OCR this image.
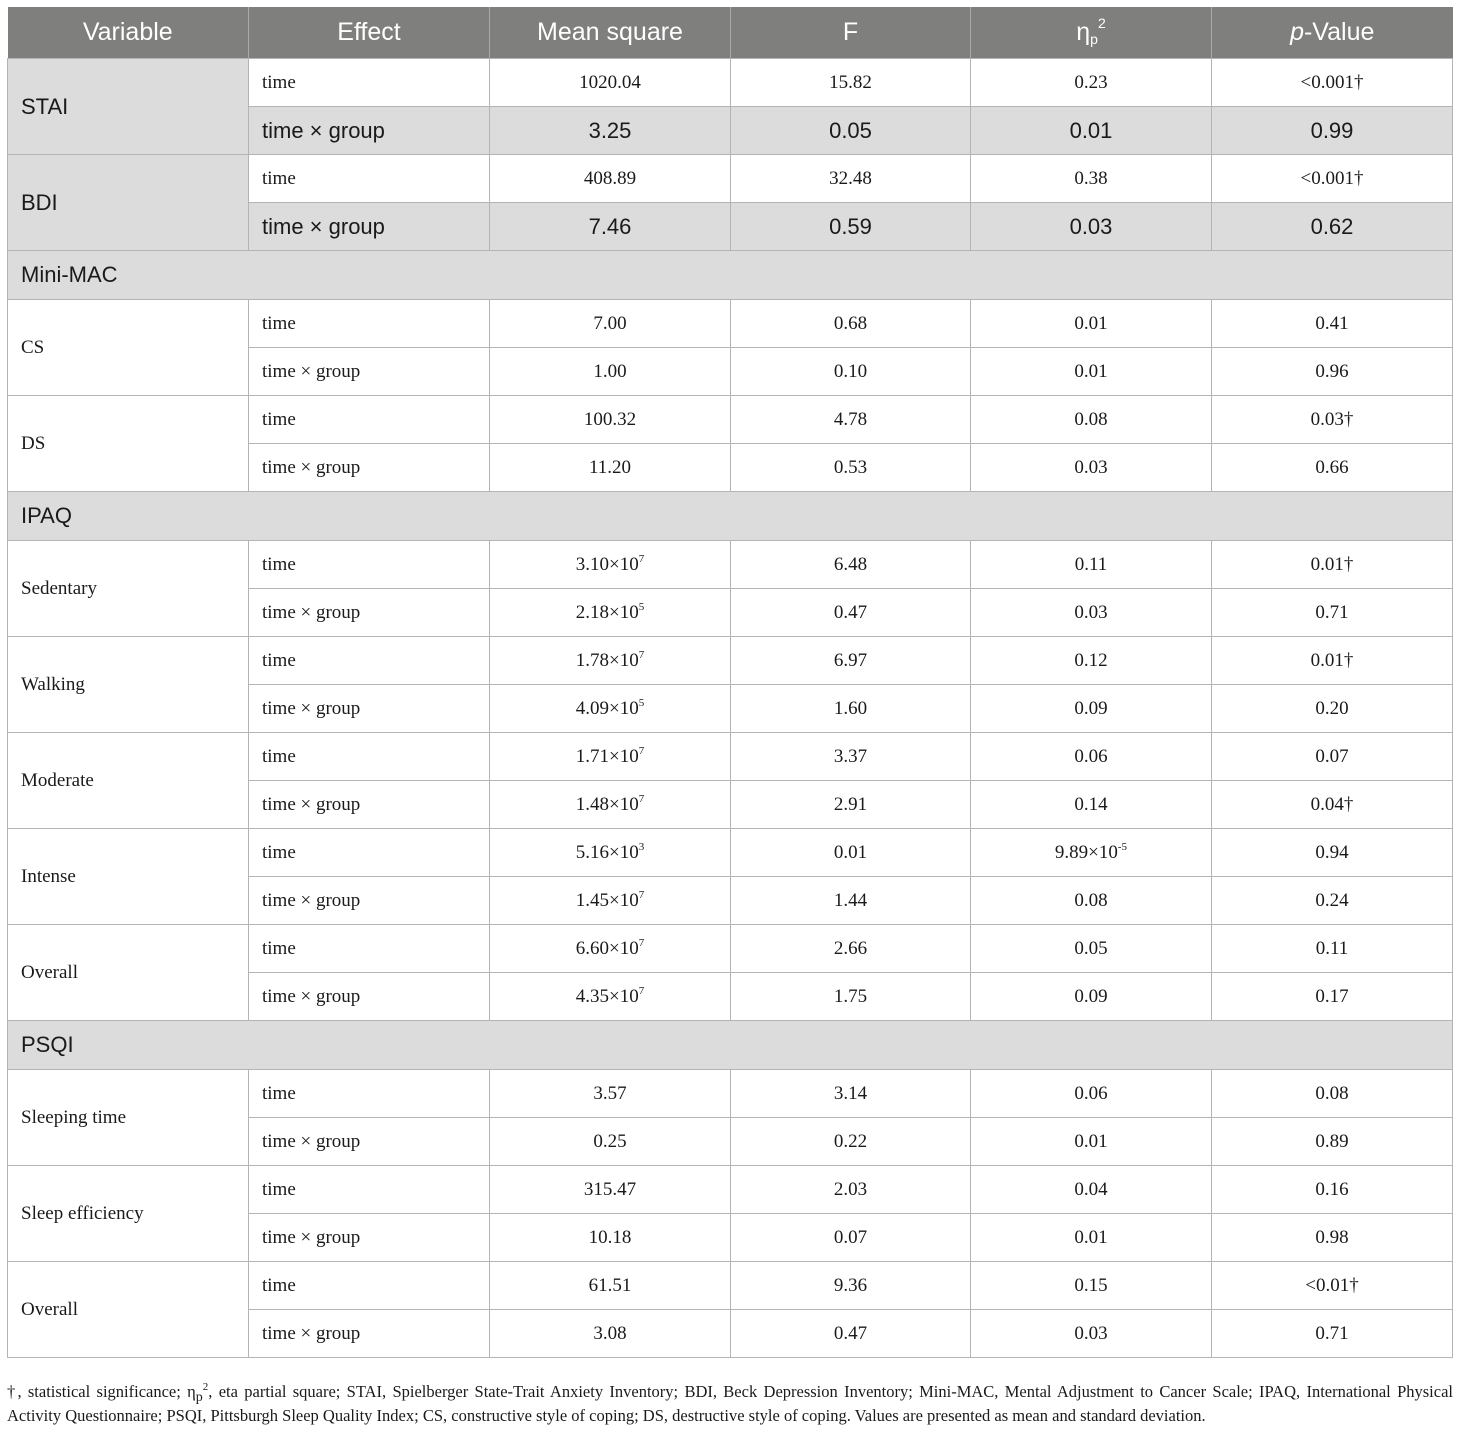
Variable	Effect	Mean square	F	$\eta_p^2$	p-Value
STAI	time	1020.04	15.82	0.23	<0.001†
	time × group	3.25	0.05	0.01	0.99
BDI	time	408.89	32.48	0.38	<0.001†
	time × group	7.46	0.59	0.03	0.62
Mini-MAC					
CS	time	7.00	0.68	0.01	0.41
	time × group	1.00	0.10	0.01	0.96
DS	time	100.32	4.78	0.08	0.03†
	time × group	11.20	0.53	0.03	0.66
IPAQ					
Sedentary	time	$3.10\times 10^7$	6.48	0.11	0.01†
	time × group	$2.18\times 10^5$	0.47	0.03	0.71
Walking	time	$1.78\times 10^7$	6.97	0.12	0.01†
	time × group	$4.09\times 10^5$	1.60	0.09	0.20
Moderate	time	$1.71\times 10^7$	3.37	0.06	0.07
	time × group	$1.48\times 10^7$	2.91	0.14	0.04†
Intense	time	$5.16\times 10^3$	0.01	$9.89\times 10^{-5}$	0.94
	time × group	$1.45\times 10^7$	1.44	0.08	0.24
Overall	time	$6.60\times 10^7$	2.66	0.05	0.11
	time × group	$4.35\times 10^7$	1.75	0.09	0.17
PSQI					
Sleeping time	time	3.57	3.14	0.06	0.08
	time × group	0.25	0.22	0.01	0.89
Sleep efficiency	time	315.47	2.03	0.04	0.16
	time × group	10.18	0.07	0.01	0.98
Overall	time	61.51	9.36	0.15	<0.01†
	time × group	3.08	0.47	0.03	0.71

†, statistical significance; $\eta_p^2$, eta partial square; STAI, Spielberger State-Trait Anxiety Inventory; BDI, Beck Depression Inventory; Mini-MAC, Mental Adjustment to Cancer Scale; IPAQ, International Physical Activity Questionnaire; PSQI, Pittsburgh Sleep Quality Index; CS, constructive style of coping; DS, destructive style of coping. Values are presented as mean and standard deviation.
